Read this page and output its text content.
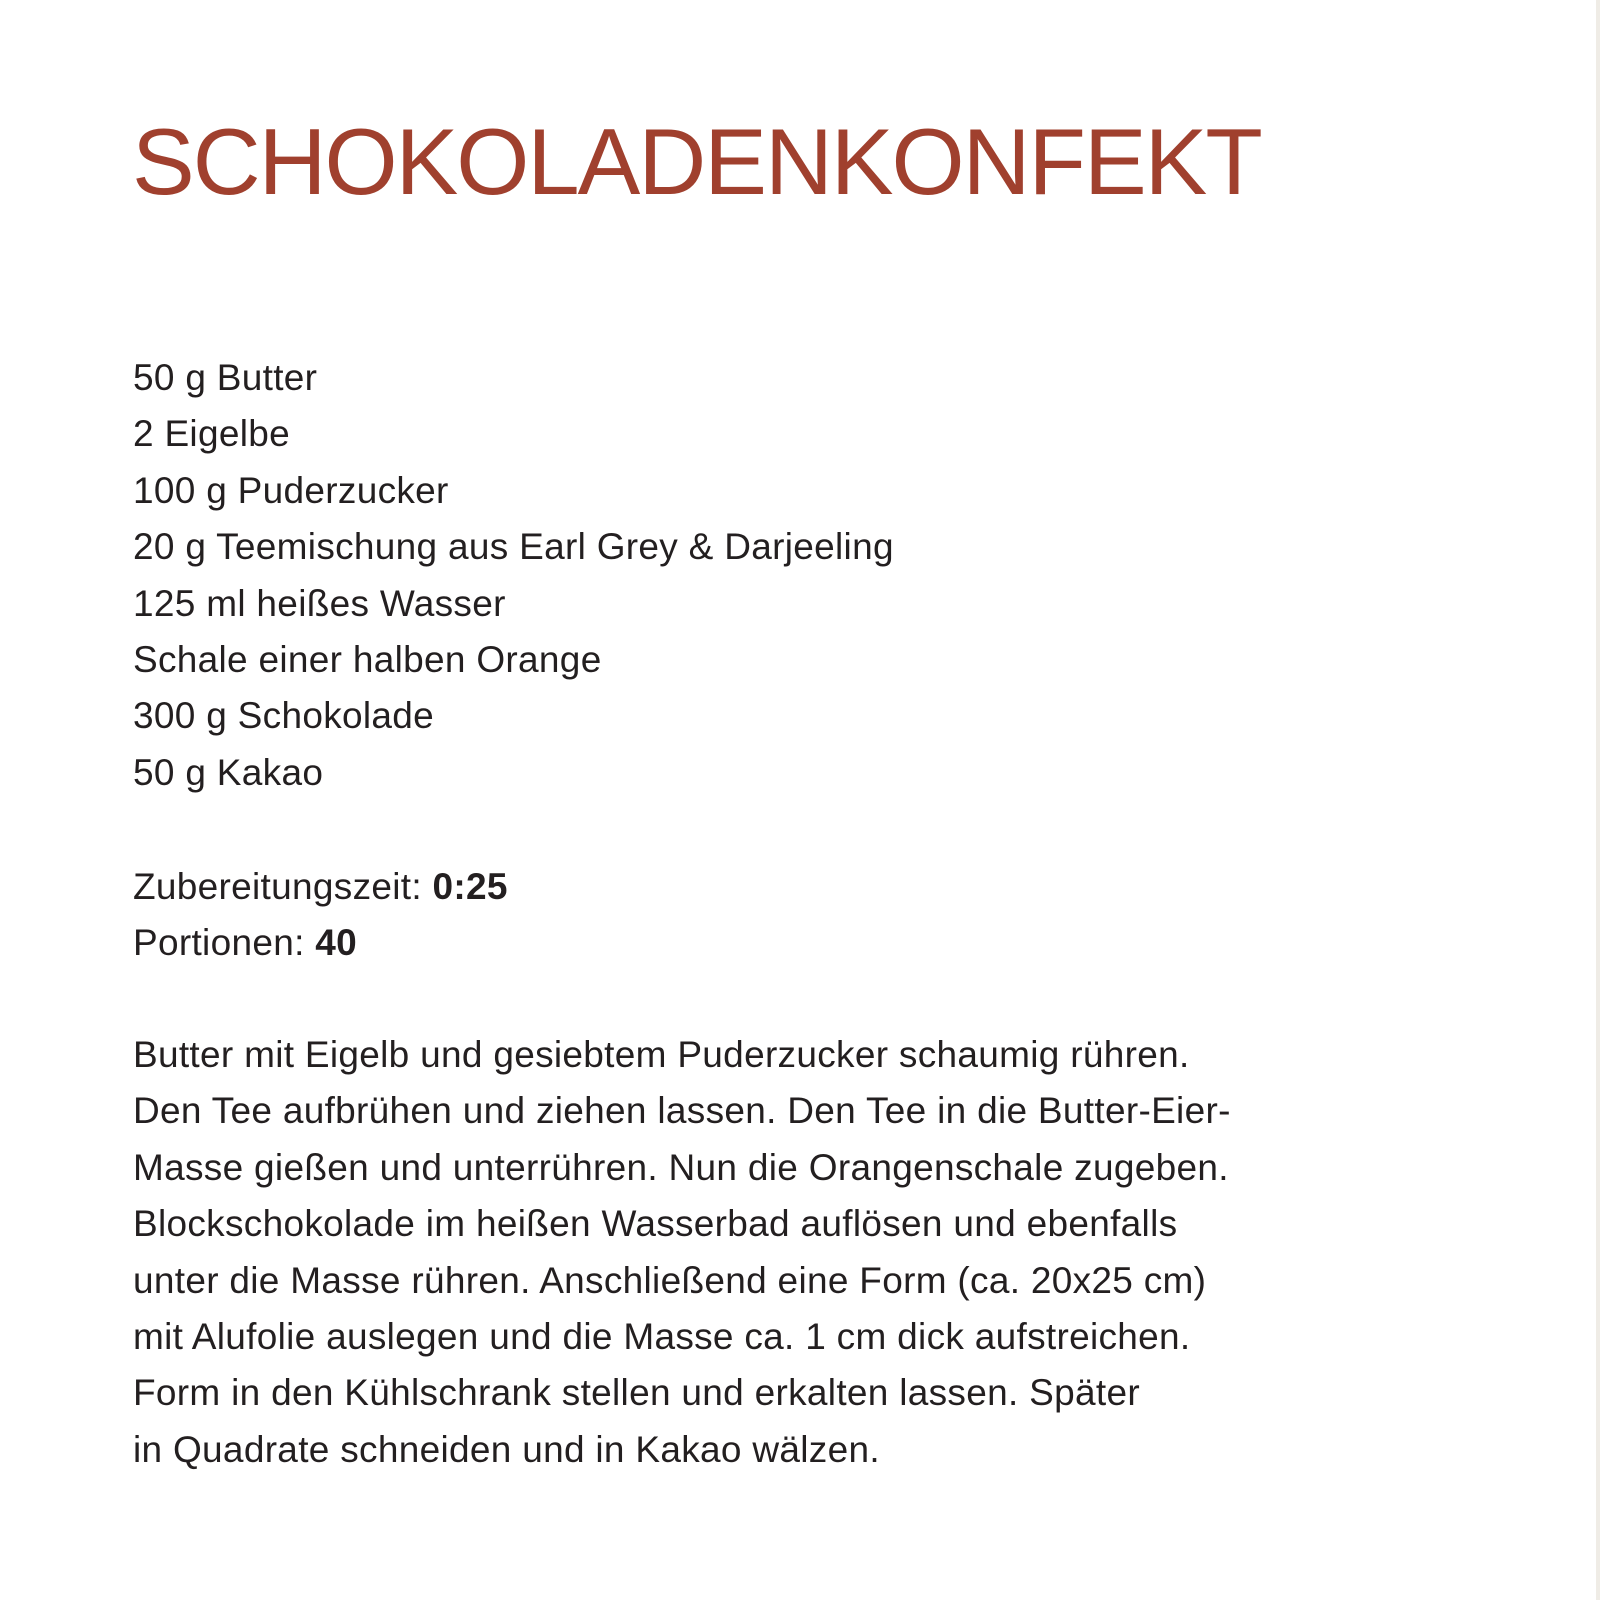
SCHOKOLADENKONFEKT
50 g Butter
2 Eigelbe
100 g Puderzucker
20 g Teemischung aus Earl Grey & Darjeeling
125 ml heißes Wasser
Schale einer halben Orange
300 g Schokolade
50 g Kakao
Zubereitungszeit: 0:25
Portionen: 40
Butter mit Eigelb und gesiebtem Puderzucker schaumig rühren.
Den Tee aufbrühen und ziehen lassen. Den Tee in die Butter-Eier-
Masse gießen und unterrühren. Nun die Orangenschale zugeben.
Blockschokolade im heißen Wasserbad auflösen und ebenfalls
unter die Masse rühren. Anschließend eine Form (ca. 20x25 cm)
mit Alufolie auslegen und die Masse ca. 1 cm dick aufstreichen.
Form in den Kühlschrank stellen und erkalten lassen. Später
in Quadrate schneiden und in Kakao wälzen.
